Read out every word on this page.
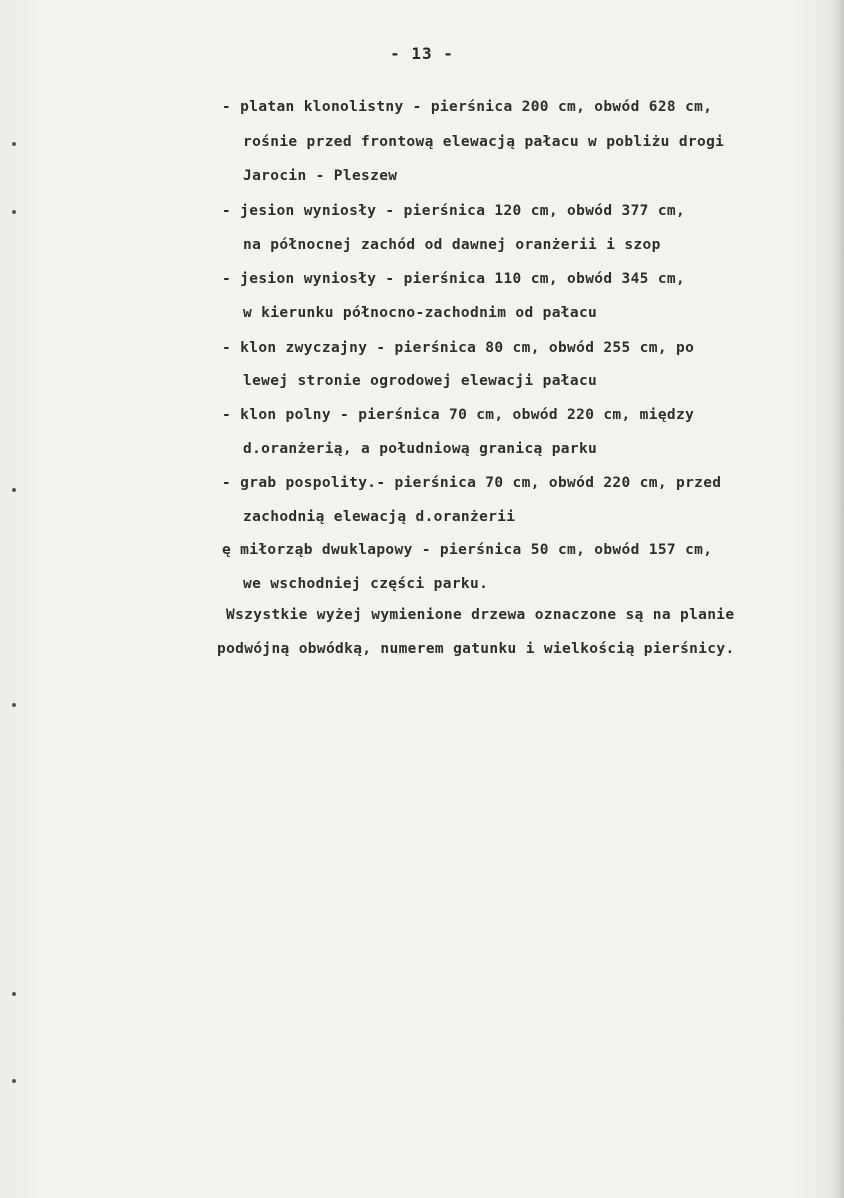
- 13 -
- platan klonolistny - pierśnica 200 cm, obwód 628 cm,
rośnie przed frontową elewacją pałacu w pobliżu drogi
Jarocin - Pleszew
- jesion wyniosły - pierśnica 120 cm, obwód 377 cm,
na północnej zachód od dawnej oranżerii i szop
- jesion wyniosły - pierśnica 110 cm, obwód 345 cm,
w kierunku północno-zachodnim od pałacu
- klon zwyczajny - pierśnica 80 cm, obwód 255 cm, po
lewej stronie ogrodowej elewacji pałacu
- klon polny - pierśnica 70 cm, obwód 220 cm, między
d.oranżerią, a południową granicą parku
- grab pospolity.- pierśnica 70 cm, obwód 220 cm, przed
zachodnią elewacją d.oranżerii
ę miłorząb dwuklapowy - pierśnica 50 cm, obwód 157 cm,
we wschodniej części parku.
Wszystkie wyżej wymienione drzewa oznaczone są na planie
podwójną obwódką, numerem gatunku i wielkością pierśnicy.
